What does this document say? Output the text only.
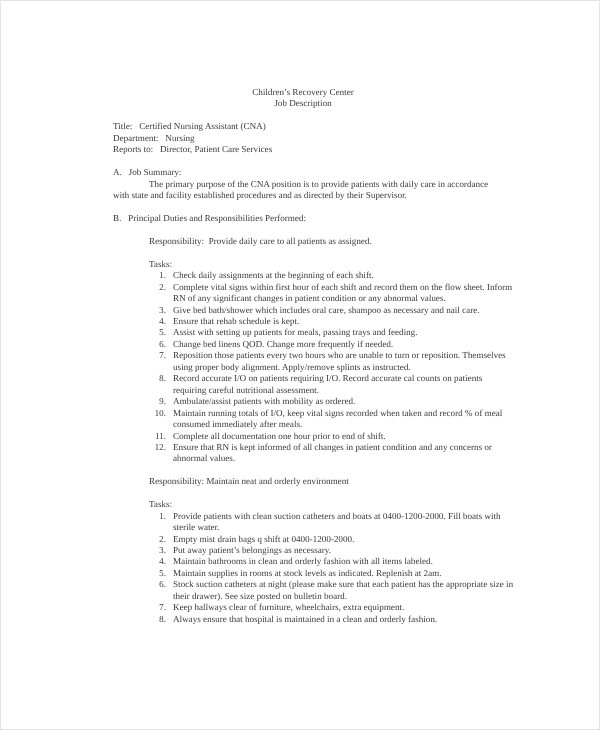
Children’s Recovery Center
Job Description
Title:   Certified Nursing Assistant (CNA)
Department:   Nursing
Reports to:   Director, Patient Care Services
A.   Job Summary:
The primary purpose of the CNA position is to provide patients with daily care in accordance with state and facility established procedures and as directed by their Supervisor.
B.   Principal Duties and Responsibilities Performed:
Responsibility:  Provide daily care to all patients as assigned.
Tasks:
1. Check daily assignments at the beginning of each shift.
2. Complete vital signs within first hour of each shift and record them on the flow sheet. Inform RN of any significant changes in patient condition or any abnormal values.
3. Give bed bath/shower which includes oral care, shampoo as necessary and nail care.
4. Ensure that rehab schedule is kept.
5. Assist with setting up patients for meals, passing trays and feeding.
6. Change bed linens QOD. Change more frequently if needed.
7. Reposition those patients every two hours who are unable to turn or reposition. Themselves using proper body alignment. Apply/remove splints as instructed.
8. Record accurate I/O on patients requiring I/O. Record accurate cal counts on patients requiring careful nutritional assessment.
9. Ambulate/assist patients with mobility as ordered.
10. Maintain running totals of I/O, keep vital signs recorded when taken and record % of meal consumed immediately after meals.
11. Complete all documentation one hour prior to end of shift.
12. Ensure that RN is kept informed of all changes in patient condition and any concerns or abnormal values.
Responsibility: Maintain neat and orderly environment
Tasks:
1. Provide patients with clean suction catheters and boats at 0400-1200-2000. Fill boats with sterile water.
2. Empty mist drain bags q shift at 0400-1200-2000.
3. Put away patient’s belongings as necessary.
4. Maintain bathrooms in clean and orderly fashion with all items labeled.
5. Maintain supplies in rooms at stock levels as indicated. Replenish at 2am.
6. Stock suction catheters at night (please make sure that each patient has the appropriate size in their drawer). See size posted on bulletin board.
7. Keep hallways clear of furniture, wheelchairs, extra equipment.
8. Always ensure that hospital is maintained in a clean and orderly fashion.
